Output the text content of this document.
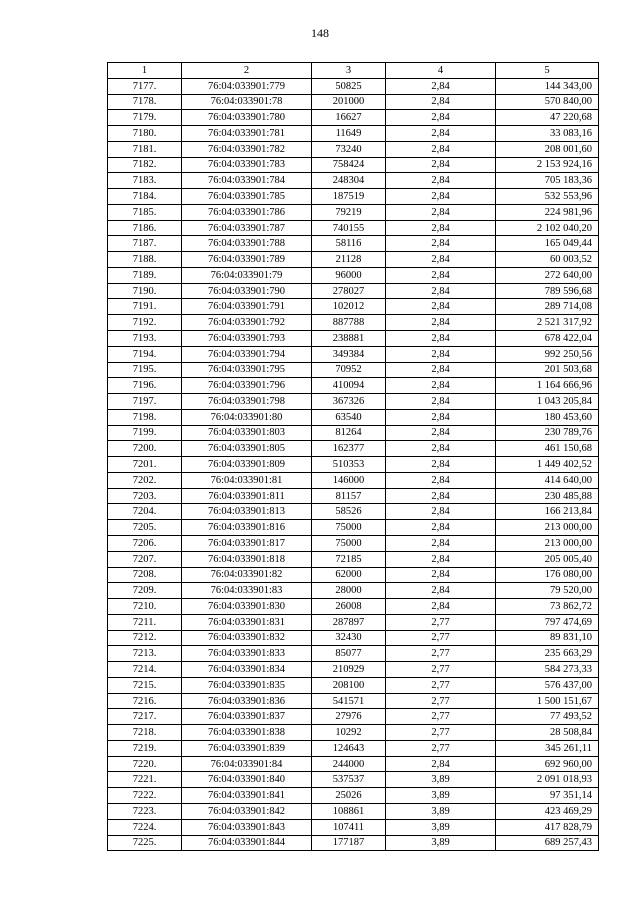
148
1	2	3	4	5
7177.	76:04:033901:779	50825	2,84	144 343,00
7178.	76:04:033901:78	201000	2,84	570 840,00
7179.	76:04:033901:780	16627	2,84	47 220,68
7180.	76:04:033901:781	11649	2,84	33 083,16
7181.	76:04:033901:782	73240	2,84	208 001,60
7182.	76:04:033901:783	758424	2,84	2 153 924,16
7183.	76:04:033901:784	248304	2,84	705 183,36
7184.	76:04:033901:785	187519	2,84	532 553,96
7185.	76:04:033901:786	79219	2,84	224 981,96
7186.	76:04:033901:787	740155	2,84	2 102 040,20
7187.	76:04:033901:788	58116	2,84	165 049,44
7188.	76:04:033901:789	21128	2,84	60 003,52
7189.	76:04:033901:79	96000	2,84	272 640,00
7190.	76:04:033901:790	278027	2,84	789 596,68
7191.	76:04:033901:791	102012	2,84	289 714,08
7192.	76:04:033901:792	887788	2,84	2 521 317,92
7193.	76:04:033901:793	238881	2,84	678 422,04
7194.	76:04:033901:794	349384	2,84	992 250,56
7195.	76:04:033901:795	70952	2,84	201 503,68
7196.	76:04:033901:796	410094	2,84	1 164 666,96
7197.	76:04:033901:798	367326	2,84	1 043 205,84
7198.	76:04:033901:80	63540	2,84	180 453,60
7199.	76:04:033901:803	81264	2,84	230 789,76
7200.	76:04:033901:805	162377	2,84	461 150,68
7201.	76:04:033901:809	510353	2,84	1 449 402,52
7202.	76:04:033901:81	146000	2,84	414 640,00
7203.	76:04:033901:811	81157	2,84	230 485,88
7204.	76:04:033901:813	58526	2,84	166 213,84
7205.	76:04:033901:816	75000	2,84	213 000,00
7206.	76:04:033901:817	75000	2,84	213 000,00
7207.	76:04:033901:818	72185	2,84	205 005,40
7208.	76:04:033901:82	62000	2,84	176 080,00
7209.	76:04:033901:83	28000	2,84	79 520,00
7210.	76:04:033901:830	26008	2,84	73 862,72
7211.	76:04:033901:831	287897	2,77	797 474,69
7212.	76:04:033901:832	32430	2,77	89 831,10
7213.	76:04:033901:833	85077	2,77	235 663,29
7214.	76:04:033901:834	210929	2,77	584 273,33
7215.	76:04:033901:835	208100	2,77	576 437,00
7216.	76:04:033901:836	541571	2,77	1 500 151,67
7217.	76:04:033901:837	27976	2,77	77 493,52
7218.	76:04:033901:838	10292	2,77	28 508,84
7219.	76:04:033901:839	124643	2,77	345 261,11
7220.	76:04:033901:84	244000	2,84	692 960,00
7221.	76:04:033901:840	537537	3,89	2 091 018,93
7222.	76:04:033901:841	25026	3,89	97 351,14
7223.	76:04:033901:842	108861	3,89	423 469,29
7224.	76:04:033901:843	107411	3,89	417 828,79
7225.	76:04:033901:844	177187	3,89	689 257,43
